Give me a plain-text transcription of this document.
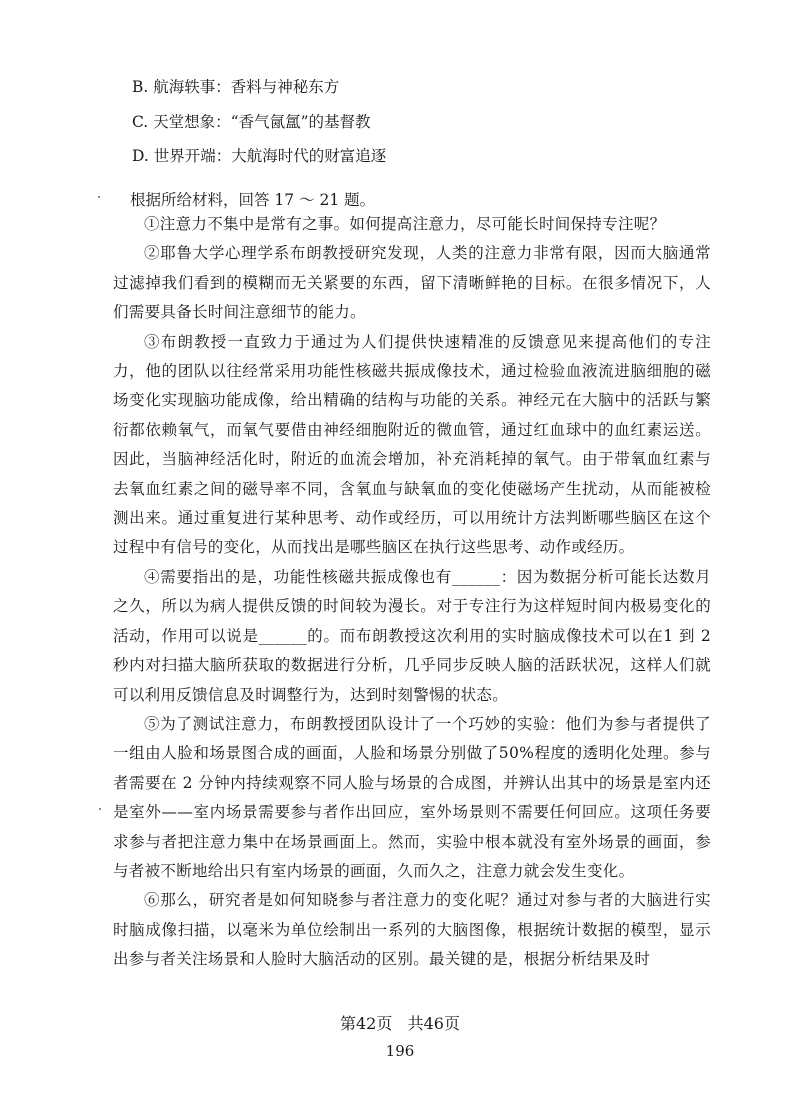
B. 航海轶事：香料与神秘东方
C. 天堂想象：“香气氤氲”的基督教
D. 世界开端：大航海时代的财富追逐
根据所给材料，回答 17 ～ 21 题。

①注意力不集中是常有之事。如何提高注意力，尽可能长时间保持专注呢？

②耶鲁大学心理学系布朗教授研究发现，人类的注意力非常有限，因而大脑通常过滤掉我们看到的模糊而无关紧要的东西，留下清晰鲜艳的目标。在很多情况下，人们需要具备长时间注意细节的能力。

③布朗教授一直致力于通过为人们提供快速精准的反馈意见来提高他们的专注力，他的团队以往经常采用功能性核磁共振成像技术，通过检验血液流进脑细胞的磁场变化实现脑功能成像，给出精确的结构与功能的关系。神经元在大脑中的活跃与繁衍都依赖氧气，而氧气要借由神经细胞附近的微血管，通过红血球中的血红素运送。因此，当脑神经活化时，附近的血流会增加，补充消耗掉的氧气。由于带氧血红素与去氧血红素之间的磁导率不同，含氧血与缺氧血的变化使磁场产生扰动，从而能被检测出来。通过重复进行某种思考、动作或经历，可以用统计方法判断哪些脑区在这个过程中有信号的变化，从而找出是哪些脑区在执行这些思考、动作或经历。

④需要指出的是，功能性核磁共振成像也有______：因为数据分析可能长达数月之久，所以为病人提供反馈的时间较为漫长。对于专注行为这样短时间内极易变化的活动，作用可以说是______的。而布朗教授这次利用的实时脑成像技术可以在1 到 2 秒内对扫描大脑所获取的数据进行分析，几乎同步反映人脑的活跃状况，这样人们就可以利用反馈信息及时调整行为，达到时刻警惕的状态。

⑤为了测试注意力，布朗教授团队设计了一个巧妙的实验：他们为参与者提供了一组由人脸和场景图合成的画面，人脸和场景分别做了50%程度的透明化处理。参与者需要在 2 分钟内持续观察不同人脸与场景的合成图，并辨认出其中的场景是室内还是室外——室内场景需要参与者作出回应，室外场景则不需要任何回应。这项任务要求参与者把注意力集中在场景画面上。然而，实验中根本就没有室外场景的画面，参与者被不断地给出只有室内场景的画面，久而久之，注意力就会发生变化。

⑥那么，研究者是如何知晓参与者注意力的变化呢？通过对参与者的大脑进行实时脑成像扫描，以毫米为单位绘制出一系列的大脑图像，根据统计数据的模型，显示出参与者关注场景和人脸时大脑活动的区别。最关键的是，根据分析结果及时

第42页   共46页
196
